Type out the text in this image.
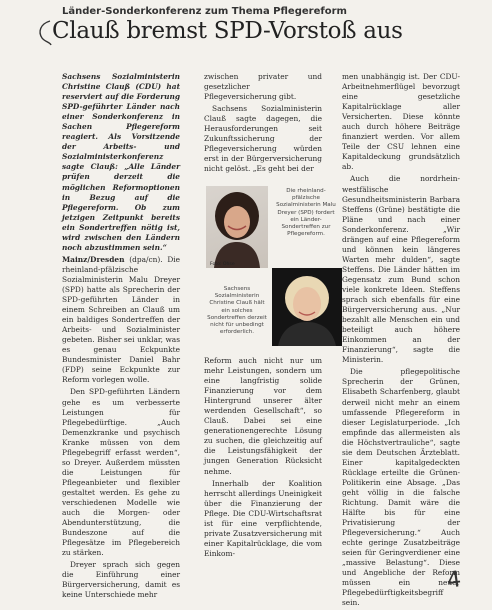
Länder-Sonderkonferenz zum Thema Pflegereform
Clauß bremst SPD-Vorstoß aus

Sachsens Sozialministerin Christine Clauß (CDU) hat reserviert auf die Forderung SPD-geführter Länder nach einer Sonderkonferenz in Sachen Pflegereform reagiert. Als Vorsitzende der Arbeits- und Sozialministerkonferenz sagte Clauß: „Alle Länder prüfen derzeit die möglichen Reformoptionen in Bezug auf die Pflegereform. Ob zum jetzigen Zeitpunkt bereits ein Sondertreffen nötig ist, wird zwischen den Ländern noch abzustimmen sein.“

Mainz/Dresden (dpa/cn). Die rheinland-pfälzische Sozialministerin Malu Dreyer (SPD) hatte als Sprecherin der SPD-geführten Länder in einem Schreiben an Clauß um ein baldiges Sondertreffen der Arbeits- und Sozialminister gebeten. Bisher sei unklar, was es genau Eckpunkte Bundesminister Daniel Bahr (FDP) seine Eckpunkte zur Reform vorlegen wolle.

Den SPD-geführten Ländern gehe es um verbesserte Leistungen für Pflegebedürftige. „Auch Demenzkranke und psychisch Kranke müssen von dem Pflegebegriff erfasst werden“, so Dreyer. Außerdem müssten die Leistungen für Pflegeanbieter und flexibler gestaltet werden. Es gehe zu verschiedenen Modelle wie auch die Morgen- oder Abendunterstützung, die Bundeszone auf die Pflegesätze im Pflegebereich zu stärken.

Dreyer sprach sich gegen die Einführung einer Bürgerversicherung, damit es keine Unterschiede mehr

zwischen privater und gesetzlicher Pflegeversicherung gibt.

Sachsens Sozialministerin Clauß sagte dagegen, die Herausforderungen seit Zukunftssicherung der Pflegeversicherung würden erst in der Bürgerversicherung nicht gelöst. „Es geht bei der

Foto: Ohse
Die rheinland-pfälzische Sozialministerin Malu Dreyer (SPD) fordert ein Länder-Sondertreffen zur Pflegereform.
Sachsens Sozialministerin Christine Clauß hält ein solches Sondertreffen derzeit nicht für unbedingt erforderlich.

Reform auch nicht nur um mehr Leistungen, sondern um eine langfristig solide Finanzierung vor dem Hintergrund unserer älter werdenden Gesellschaft“, so Clauß. Dabei sei eine generationengerechte Lösung zu suchen, die gleichzeitig auf die Leistungsfähigkeit der jungen Generation Rücksicht nehme.

Innerhalb der Koalition herrscht allerdings Uneinigkeit über die Finanzierung der Pflege. Die CDU-Wirtschaftsrat ist für eine verpflichtende, private Zusatzversicherung mit einer Kapitalrücklage, die vom Einkom-

men unabhängig ist. Der CDU-Arbeitnehmerflügel bevorzugt eine gesetzliche Kapitalrücklage aller Versicherten. Diese könnte auch durch höhere Beiträge finanziert werden. Vor allem Teile der CSU lehnen eine Kapitaldeckung grundsätzlich ab.

Auch die nordrhein-westfälische Gesundheitsministerin Barbara Steffens (Grüne) bestätigte die Pläne und nach einer Sonderkonferenz. „Wir drängen auf eine Pflegereform und können kein längeres Warten mehr dulden“, sagte Steffens. Die Länder hätten im Gegensatz zum Bund schon viele konkrete Ideen. Steffens sprach sich ebenfalls für eine Bürgerversicherung aus. „Nur bezahlt alle Menschen ein und beteiligt auch höhere Einkommen an der Finanzierung“, sagte die Ministerin.

Die pflegepolitische Sprecherin der Grünen, Elisabeth Scharfenberg, glaubt derweil nicht mehr an einem umfassende Pflegereform in dieser Legislaturperiode. „Ich empfinde das allermeisten als die Höchstvertrauliche“, sagte sie dem Deutschen Ärzteblatt. Einer kapitalgedeckten Rücklage erteilte die Grünen-Politikerin eine Absage. „Das geht völlig in die falsche Richtung. Damit wäre die Hälfte bis für eine Privatisierung der Pflegeversicherung.“ Auch echte geringe Zusatzbeiträge seien für Geringverdiener eine „massive Belastung“. Diese und Angebliche der Reform müssen ein neuer Pflegebedürftigkeitsbegriff sein.

4
